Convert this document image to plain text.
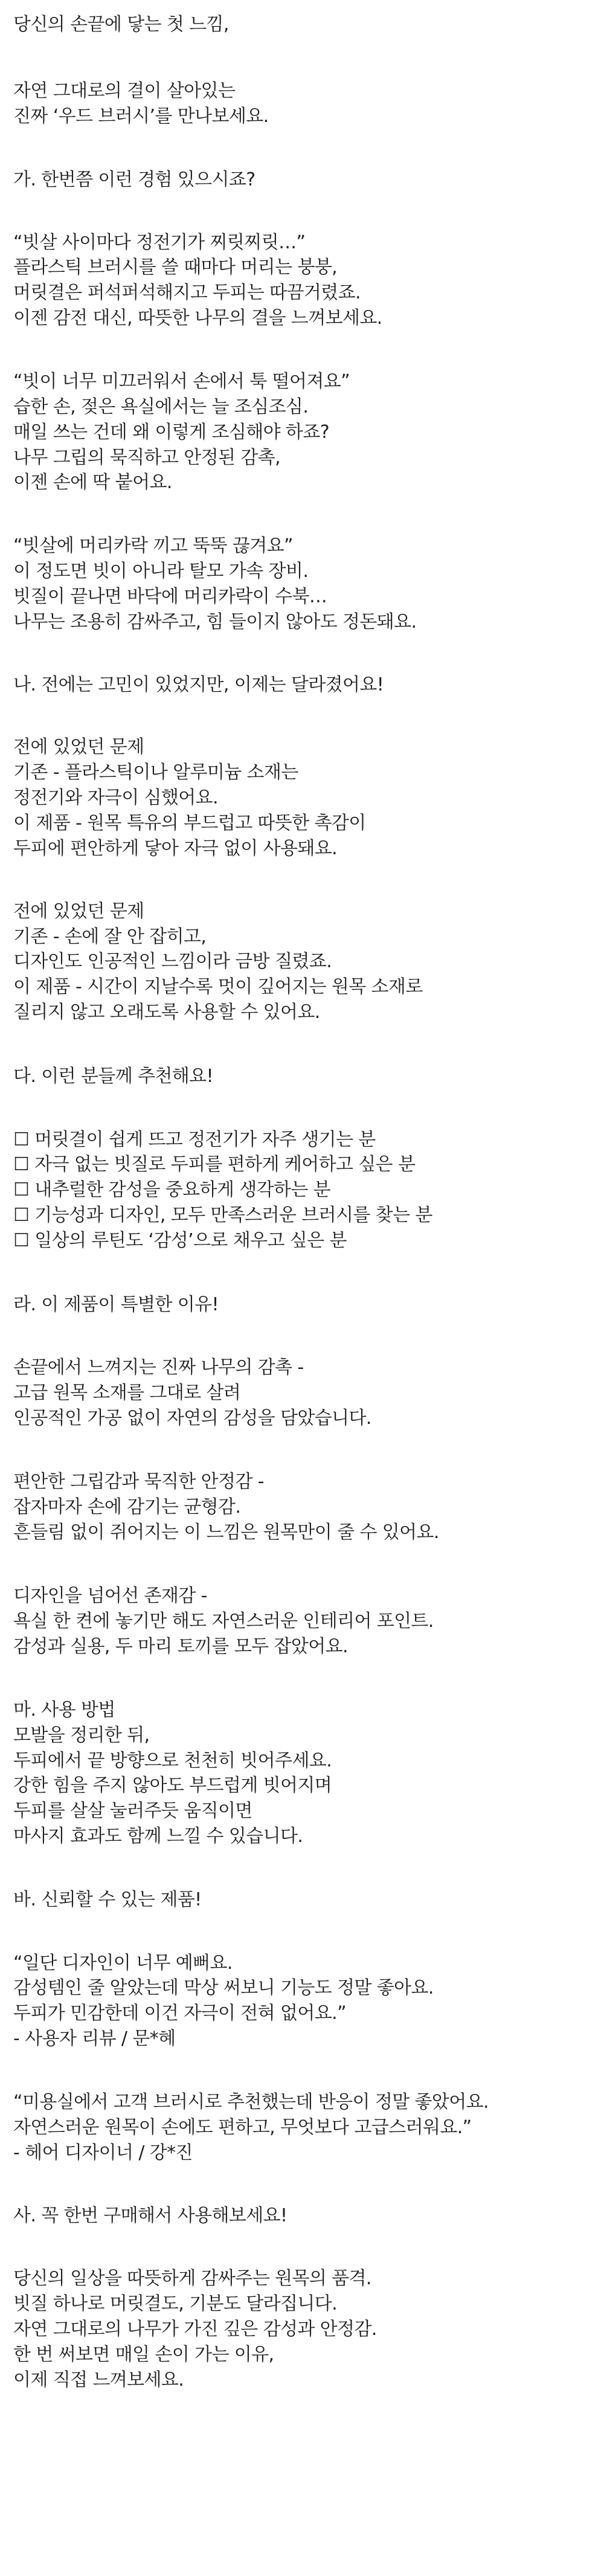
당신의 손끝에 닿는 첫 느낌,
자연 그대로의 결이 살아있는
진짜 ‘우드 브러시’를 만나보세요.
가. 한번쯤 이런 경험 있으시죠?
“빗살 사이마다 정전기가 찌릿찌릿…”
플라스틱 브러시를 쓸 때마다 머리는 붕붕,
머릿결은 퍼석퍼석해지고 두피는 따끔거렸죠.
이젠 감전 대신, 따뜻한 나무의 결을 느껴보세요.
“빗이 너무 미끄러워서 손에서 툭 떨어져요”
습한 손, 젖은 욕실에서는 늘 조심조심.
매일 쓰는 건데 왜 이렇게 조심해야 하죠?
나무 그립의 묵직하고 안정된 감촉,
이젠 손에 딱 붙어요.
“빗살에 머리카락 끼고 뚝뚝 끊겨요”
이 정도면 빗이 아니라 탈모 가속 장비.
빗질이 끝나면 바닥에 머리카락이 수북…
나무는 조용히 감싸주고, 힘 들이지 않아도 정돈돼요.
나. 전에는 고민이 있었지만, 이제는 달라졌어요!
전에 있었던 문제
기존 - 플라스틱이나 알루미늄 소재는
정전기와 자극이 심했어요.
이 제품 - 원목 특유의 부드럽고 따뜻한 촉감이
두피에 편안하게 닿아 자극 없이 사용돼요.
전에 있었던 문제
기존 - 손에 잘 안 잡히고,
디자인도 인공적인 느낌이라 금방 질렸죠.
이 제품 - 시간이 지날수록 멋이 깊어지는 원목 소재로
질리지 않고 오래도록 사용할 수 있어요.
다. 이런 분들께 추천해요!
☐ 머릿결이 쉽게 뜨고 정전기가 자주 생기는 분
☐ 자극 없는 빗질로 두피를 편하게 케어하고 싶은 분
☐ 내추럴한 감성을 중요하게 생각하는 분
☐ 기능성과 디자인, 모두 만족스러운 브러시를 찾는 분
☐ 일상의 루틴도 ‘감성’으로 채우고 싶은 분
라. 이 제품이 특별한 이유!
손끝에서 느껴지는 진짜 나무의 감촉 -
고급 원목 소재를 그대로 살려
인공적인 가공 없이 자연의 감성을 담았습니다.
편안한 그립감과 묵직한 안정감 -
잡자마자 손에 감기는 균형감.
흔들림 없이 쥐어지는 이 느낌은 원목만이 줄 수 있어요.
디자인을 넘어선 존재감 -
욕실 한 켠에 놓기만 해도 자연스러운 인테리어 포인트.
감성과 실용, 두 마리 토끼를 모두 잡았어요.
마. 사용 방법
모발을 정리한 뒤,
두피에서 끝 방향으로 천천히 빗어주세요.
강한 힘을 주지 않아도 부드럽게 빗어지며
두피를 살살 눌러주듯 움직이면
마사지 효과도 함께 느낄 수 있습니다.
바. 신뢰할 수 있는 제품!
“일단 디자인이 너무 예뻐요.
감성템인 줄 알았는데 막상 써보니 기능도 정말 좋아요.
두피가 민감한데 이건 자극이 전혀 없어요.”
- 사용자 리뷰 / 문*혜
“미용실에서 고객 브러시로 추천했는데 반응이 정말 좋았어요.
자연스러운 원목이 손에도 편하고, 무엇보다 고급스러워요.”
- 헤어 디자이너 / 강*진
사. 꼭 한번 구매해서 사용해보세요!
당신의 일상을 따뜻하게 감싸주는 원목의 품격.
빗질 하나로 머릿결도, 기분도 달라집니다.
자연 그대로의 나무가 가진 깊은 감성과 안정감.
한 번 써보면 매일 손이 가는 이유,
이제 직접 느껴보세요.
